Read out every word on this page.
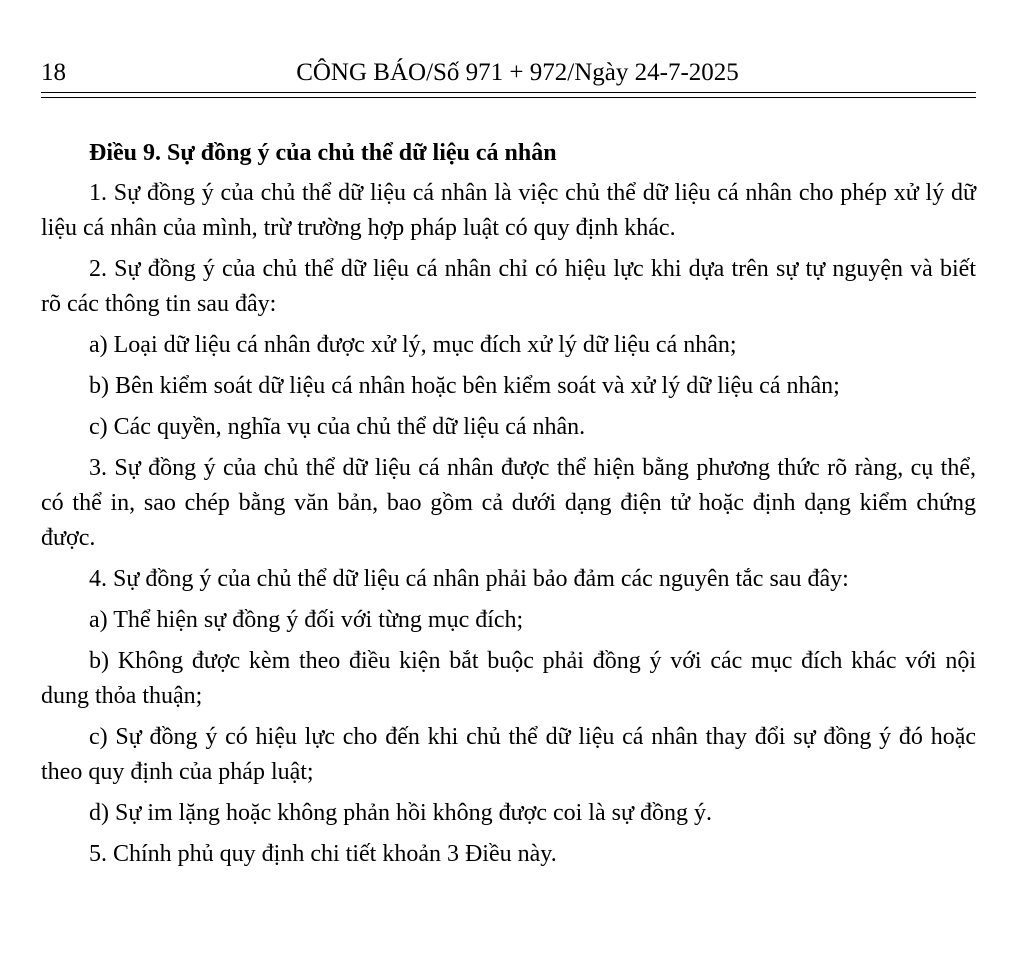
18	CÔNG BÁO/Số 971 + 972/Ngày 24-7-2025
Điều 9. Sự đồng ý của chủ thể dữ liệu cá nhân

1. Sự đồng ý của chủ thể dữ liệu cá nhân là việc chủ thể dữ liệu cá nhân cho phép xử lý dữ liệu cá nhân của mình, trừ trường hợp pháp luật có quy định khác.

2. Sự đồng ý của chủ thể dữ liệu cá nhân chỉ có hiệu lực khi dựa trên sự tự nguyện và biết rõ các thông tin sau đây:

a) Loại dữ liệu cá nhân được xử lý, mục đích xử lý dữ liệu cá nhân;

b) Bên kiểm soát dữ liệu cá nhân hoặc bên kiểm soát và xử lý dữ liệu cá nhân;

c) Các quyền, nghĩa vụ của chủ thể dữ liệu cá nhân.

3. Sự đồng ý của chủ thể dữ liệu cá nhân được thể hiện bằng phương thức rõ ràng, cụ thể, có thể in, sao chép bằng văn bản, bao gồm cả dưới dạng điện tử hoặc định dạng kiểm chứng được.

4. Sự đồng ý của chủ thể dữ liệu cá nhân phải bảo đảm các nguyên tắc sau đây:

a) Thể hiện sự đồng ý đối với từng mục đích;

b) Không được kèm theo điều kiện bắt buộc phải đồng ý với các mục đích khác với nội dung thỏa thuận;

c) Sự đồng ý có hiệu lực cho đến khi chủ thể dữ liệu cá nhân thay đổi sự đồng ý đó hoặc theo quy định của pháp luật;

d) Sự im lặng hoặc không phản hồi không được coi là sự đồng ý.

5. Chính phủ quy định chi tiết khoản 3 Điều này.
